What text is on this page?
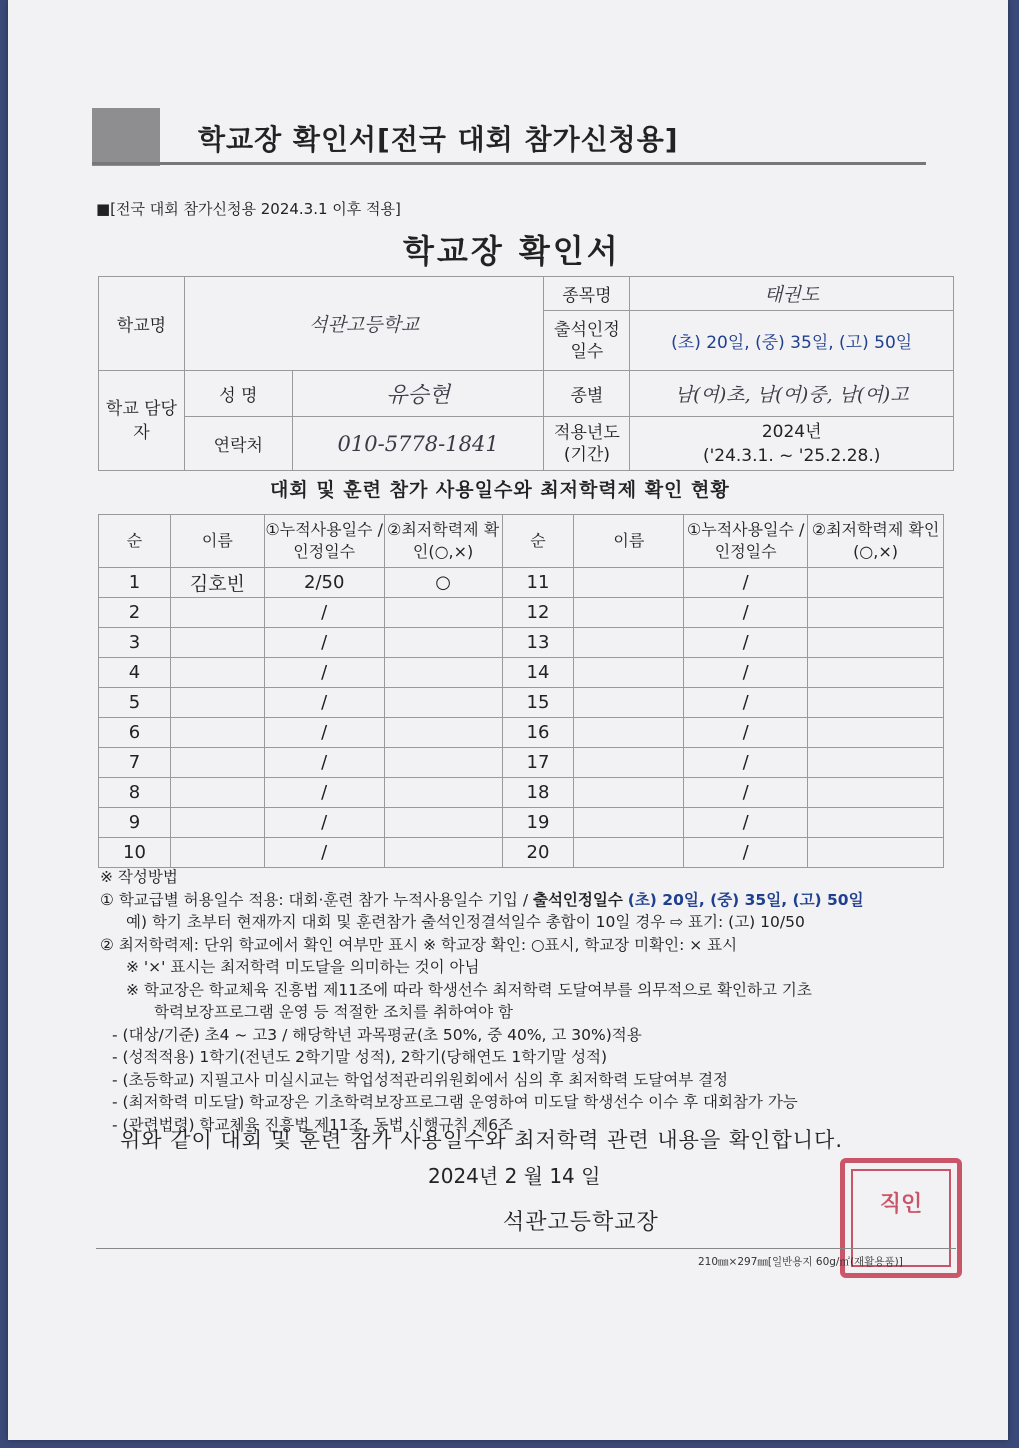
학교장 확인서[전국 대회 참가신청용]
■[전국 대회 참가신청용 2024.3.1 이후 적용]
학교장 확인서
학교명	석관고등학교		종목명	태권도
			출석인정 일수	(초) 20일, (중) 35일, (고) 50일
학교 담당자	성 명	유승현	종별	남(여)초, 남(여)중, 남(여)고
	연락처	010-5778-1841	적용년도 (기간)	2024년
('24.3.1. ~ '25.2.28.)
대회 및 훈련 참가 사용일수와 최저학력제 확인 현황
순	이름	①누적사용일수 /인정일수	②최저학력제 확인(○,×)	순	이름	①누적사용일수 /인정일수	②최저학력제 확인(○,×)
1	김호빈	2/50	○	11		/	
2		/		12		/	
3		/		13		/	
4		/		14		/	
5		/		15		/	
6		/		16		/	
7		/		17		/	
8		/		18		/	
9		/		19		/	
10		/		20		/	
※ 작성방법
① 학교급별 허용일수 적용: 대회·훈련 참가 누적사용일수 기입 / 출석인정일수 (초) 20일, (중) 35일, (고) 50일
예) 학기 초부터 현재까지 대회 및 훈련참가 출석인정결석일수 총합이 10일 경우 ⇨ 표기: (고) 10/50
② 최저학력제: 단위 학교에서 확인 여부만 표시 ※ 학교장 확인: ○표시, 학교장 미확인: × 표시
※ '×' 표시는 최저학력 미도달을 의미하는 것이 아님
※ 학교장은 학교체육 진흥법 제11조에 따라 학생선수 최저학력 도달여부를 의무적으로 확인하고 기초
학력보장프로그램 운영 등 적절한 조치를 취하여야 함
- (대상/기준) 초4 ~ 고3 / 해당학년 과목평균(초 50%, 중 40%, 고 30%)적용
- (성적적용) 1학기(전년도 2학기말 성적), 2학기(당해연도 1학기말 성적)
- (초등학교) 지필고사 미실시교는 학업성적관리위원회에서 심의 후 최저학력 도달여부 결정
- (최저학력 미도달) 학교장은 기초학력보장프로그램 운영하여 미도달 학생선수 이수 후 대회참가 가능
- (관련법령) 학교체육 진흥법 제11조, 동법 시행규칙 제6조
위와 같이 대회 및 훈련 참가 사용일수와 최저학력 관련 내용을 확인합니다.
2024년 2 월 14 일
석관고등학교장
직인
210㎜×297㎜[일반용지 60g/㎡(재활용품)]
